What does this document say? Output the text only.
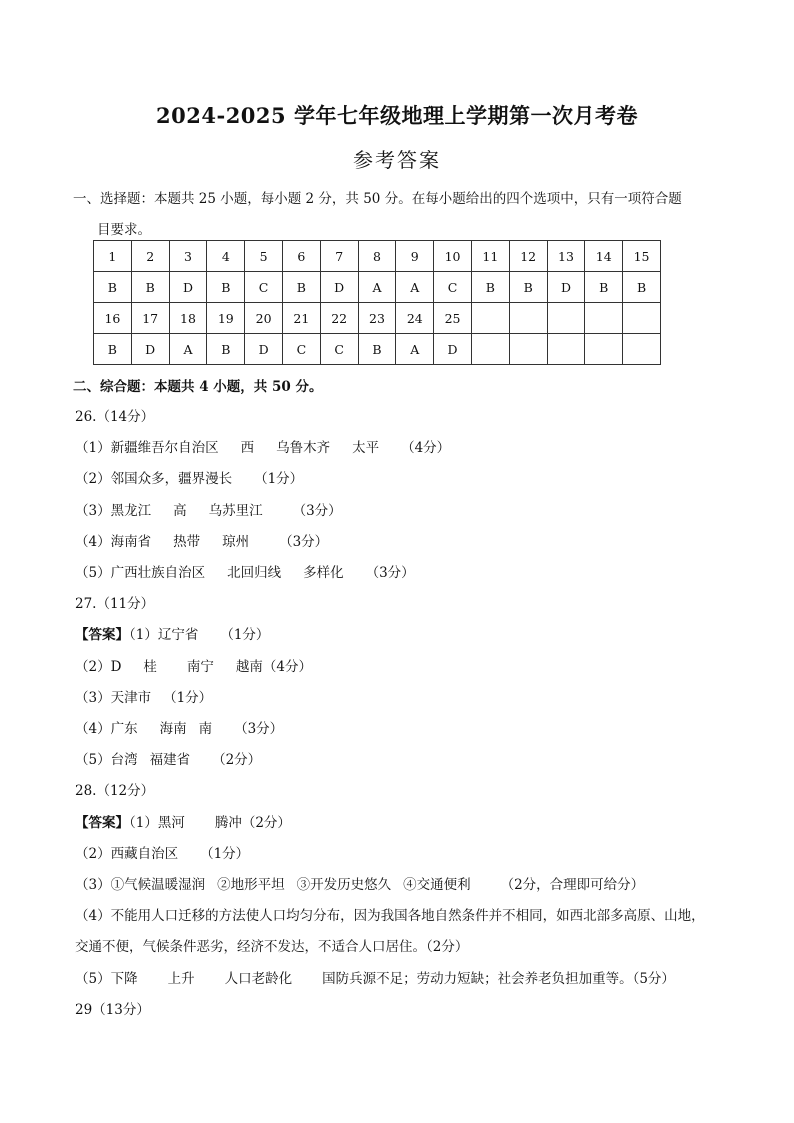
2024-2025 学年七年级地理上学期第一次月考卷
参考答案
一、选择题：本题共 25 小题，每小题 2 分，共 50 分。在每小题给出的四个选项中，只有一项符合题
目要求。
1	2	3	4	5	6	7	8	9	10	11	12	13	14	15
B	B	D	B	C	B	D	A	A	C	B	B	D	B	B
16	17	18	19	20	21	22	23	24	25					
B	D	A	B	D	C	C	B	A	D					
二、综合题：本题共 4 小题，共 50 分。
26.（14分）
（1）新疆维吾尔自治区 西 乌鲁木齐 太平 （4分）
（2）邻国众多，疆界漫长 （1分）
（3）黑龙江 高 乌苏里江 （3分）
（4）海南省 热带 琼州 （3分）
（5）广西壮族自治区 北回归线 多样化 （3分）
27.（11分）
【答案】（1）辽宁省 （1分）
（2）D 桂 南宁 越南（4分）
（3）天津市 （1分）
（4）广东 海南 南 （3分）
（5）台湾 福建省 （2分）
28.（12分）
【答案】（1）黑河 腾冲（2分）
（2）西藏自治区 （1分）
（3）①气候温暖湿润 ②地形平坦 ③开发历史悠久 ④交通便利 （2分，合理即可给分）
（4）不能用人口迁移的方法使人口均匀分布，因为我国各地自然条件并不相同，如西北部多高原、山地，
交通不便，气候条件恶劣，经济不发达，不适合人口居住。（2分）
（5）下降 上升 人口老龄化 国防兵源不足；劳动力短缺；社会养老负担加重等。（5分）
29（13分）
